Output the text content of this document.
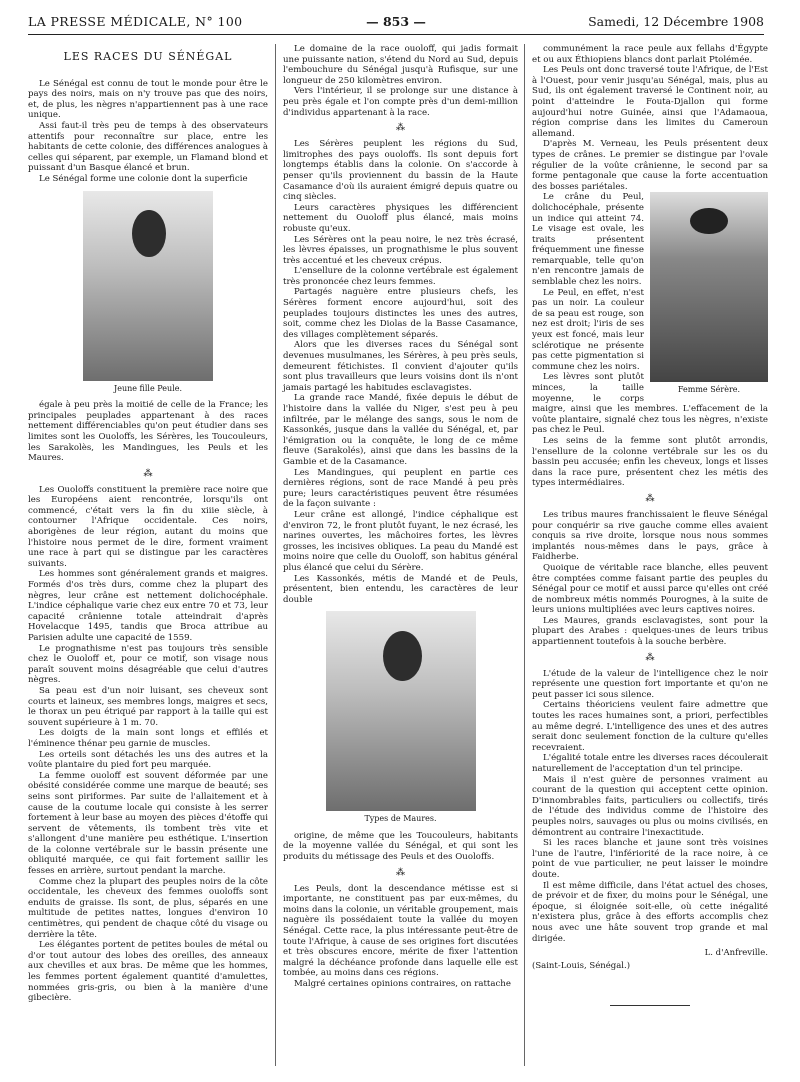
LA PRESSE MÉDICALE, N° 100	— 853 —	Samedi, 12 Décembre 1908
LES RACES DU SÉNÉGAL

Le Sénégal est connu de tout le monde pour être le pays des noirs, mais on n'y trouve pas que des noirs, et, de plus, les nègres n'appartiennent pas à une race unique.

Assi faut-il très peu de temps à des observateurs attentifs pour reconnaître sur place, entre les habitants de cette colonie, des différences analogues à celles qui séparent, par exemple, un Flamand blond et puissant d'un Basque élancé et brun.

Le Sénégal forme une colonie dont la superficie

Jeune fille Peule.

égale à peu près la moitié de celle de la France; les principales peuplades appartenant à des races nettement différenciables qu'on peut étudier dans ses limites sont les Ouoloffs, les Sérères, les Toucouleurs, les Sarakolès, les Mandingues, les Peuls et les Maures.

⁂

Les Ouoloffs constituent la première race noire que les Européens aient rencontrée, lorsqu'ils ont commencé, c'était vers la fin du xiiie siècle, à contourner l'Afrique occidentale. Ces noirs, aborigènes de leur région, autant du moins que l'histoire nous permet de le dire, forment vraiment une race à part qui se distingue par les caractères suivants.

Les hommes sont généralement grands et maigres. Formés d'os très durs, comme chez la plupart des nègres, leur crâne est nettement dolichocéphale. L'indice céphalique varie chez eux entre 70 et 73, leur capacité crânienne totale atteindrait d'après Hovelacque 1495, tandis que Broca attribue au Parisien adulte une capacité de 1559.

Le prognathisme n'est pas toujours très sensible chez le Ouoloff et, pour ce motif, son visage nous paraît souvent moins désagréable que celui d'autres nègres.

Sa peau est d'un noir luisant, ses cheveux sont courts et laineux, ses membres longs, maigres et secs, le thorax un peu étriqué par rapport à la taille qui est souvent supérieure à 1 m. 70.

Les doigts de la main sont longs et effilés et l'éminence thénar peu garnie de muscles.

Les orteils sont détachés les uns des autres et la voûte plantaire du pied fort peu marquée.

La femme ouoloff est souvent déformée par une obésité considérée comme une marque de beauté; ses seins sont piriformes. Par suite de l'allaitement et à cause de la coutume locale qui consiste à les serrer fortement à leur base au moyen des pièces d'étoffe qui servent de vêtements, ils tombent très vite et s'allongent d'une manière peu esthétique. L'insertion de la colonne vertébrale sur le bassin présente une obliquité marquée, ce qui fait fortement saillir les fesses en arrière, surtout pendant la marche.

Comme chez la plupart des peuples noirs de la côte occidentale, les cheveux des femmes ouoloffs sont enduits de graisse. Ils sont, de plus, séparés en une multitude de petites nattes, longues d'environ 10 centimètres, qui pendent de chaque côté du visage ou derrière la tête.

Les élégantes portent de petites boules de métal ou d'or tout autour des lobes des oreilles, des anneaux aux chevilles et aux bras. De même que les hommes, les femmes portent également quantité d'amulettes, nommées gris-gris, ou bien à la manière d'une gibecière.

Le domaine de la race ouoloff, qui jadis formait une puissante nation, s'étend du Nord au Sud, depuis l'embouchure du Sénégal jusqu'à Rufisque, sur une longueur de 250 kilomètres environ.

Vers l'intérieur, il se prolonge sur une distance à peu près égale et l'on compte près d'un demi-million d'individus appartenant à la race.

⁂

Les Sérères peuplent les régions du Sud, limitrophes des pays ouoloffs. Ils sont depuis fort longtemps établis dans la colonie. On s'accorde à penser qu'ils proviennent du bassin de la Haute Casamance d'où ils auraient émigré depuis quatre ou cinq siècles.

Leurs caractères physiques les différencient nettement du Ouoloff plus élancé, mais moins robuste qu'eux.

Les Sérères ont la peau noire, le nez très écrasé, les lèvres épaisses, un prognathisme le plus souvent très accentué et les cheveux crépus.

L'ensellure de la colonne vertébrale est également très prononcée chez leurs femmes.

Partagés naguère entre plusieurs chefs, les Sérères forment encore aujourd'hui, soit des peuplades toujours distinctes les unes des autres, soit, comme chez les Diolas de la Basse Casamance, des villages complètement séparés.

Alors que les diverses races du Sénégal sont devenues musulmanes, les Sérères, à peu près seuls, demeurent fétichistes. Il convient d'ajouter qu'ils sont plus travailleurs que leurs voisins dont ils n'ont jamais partagé les habitudes esclavagistes.

La grande race Mandé, fixée depuis le début de l'histoire dans la vallée du Niger, s'est peu à peu infiltrée, par le mélange des sangs, sous le nom de Kassonkés, jusque dans la vallée du Sénégal, et, par l'émigration ou la conquête, le long de ce même fleuve (Sarakolés), ainsi que dans les bassins de la Gambie et de la Casamance.

Les Mandingues, qui peuplent en partie ces dernières régions, sont de race Mandé à peu près pure; leurs caractéristiques peuvent être résumées de la façon suivante :

Leur crâne est allongé, l'indice céphalique est d'environ 72, le front plutôt fuyant, le nez écrasé, les narines ouvertes, les mâchoires fortes, les lèvres grosses, les incisives obliques. La peau du Mandé est moins noire que celle du Ouoloff, son habitus général plus élancé que celui du Sérère.

Les Kassonkés, métis de Mandé et de Peuls, présentent, bien entendu, les caractères de leur double

Types de Maures.

origine, de même que les Toucouleurs, habitants de la moyenne vallée du Sénégal, et qui sont les produits du métissage des Peuls et des Ouoloffs.

⁂

Les Peuls, dont la descendance métisse est si importante, ne constituent pas par eux-mêmes, du moins dans la colonie, un véritable groupement, mais naguère ils possédaient toute la vallée du moyen Sénégal. Cette race, la plus intéressante peut-être de toute l'Afrique, à cause de ses origines fort discutées et très obscures encore, mérite de fixer l'attention malgré la déchéance profonde dans laquelle elle est tombée, au moins dans ces régions.

Malgré certaines opinions contraires, on rattache

communément la race peule aux fellahs d'Égypte et ou aux Éthiopiens blancs dont parlait Ptolémée.

Les Peuls ont donc traversé toute l'Afrique, de l'Est à l'Ouest, pour venir jusqu'au Sénégal, mais, plus au Sud, ils ont également traversé le Continent noir, au point d'atteindre le Fouta-Djallon qui forme aujourd'hui notre Guinée, ainsi que l'Adamaoua, région comprise dans les limites du Cameroun allemand.

D'après M. Verneau, les Peuls présentent deux types de crânes. Le premier se distingue par l'ovale régulier de la voûte crânienne, le second par sa forme pentagonale que cause la forte accentuation des bosses pariétales.

Femme Sérère.

Le crâne du Peul, dolichocéphale, présente un indice qui atteint 74. Le visage est ovale, les traits présentent fréquemment une finesse remarquable, telle qu'on n'en rencontre jamais de semblable chez les noirs.

Le Peul, en effet, n'est pas un noir. La couleur de sa peau est rouge, son nez est droit; l'iris de ses yeux est foncé, mais leur sclérotique ne présente pas cette pigmentation si commune chez les noirs.

Les lèvres sont plutôt minces, la taille moyenne, le corps maigre, ainsi que les membres. L'effacement de la voûte plantaire, signalé chez tous les nègres, n'existe pas chez le Peul.

Les seins de la femme sont plutôt arrondis, l'ensellure de la colonne vertébrale sur les os du bassin peu accusée; enfin les cheveux, longs et lisses dans la race pure, présentent chez les métis des types intermédiaires.

⁂

Les tribus maures franchissaient le fleuve Sénégal pour conquérir sa rive gauche comme elles avaient conquis sa rive droite, lorsque nous nous sommes implantés nous-mêmes dans le pays, grâce à Faidherbe.

Quoique de véritable race blanche, elles peuvent être comptées comme faisant partie des peuples du Sénégal pour ce motif et aussi parce qu'elles ont créé de nombreux métis nommés Pourognes, à la suite de leurs unions multipliées avec leurs captives noires.

Les Maures, grands esclavagistes, sont pour la plupart des Arabes : quelques-unes de leurs tribus appartiennent toutefois à la souche berbère.

⁂

L'étude de la valeur de l'intelligence chez le noir représente une question fort importante et qu'on ne peut passer ici sous silence.

Certains théoriciens veulent faire admettre que toutes les races humaines sont, a priori, perfectibles au même degré. L'intelligence des unes et des autres serait donc seulement fonction de la culture qu'elles recevraient.

L'égalité totale entre les diverses races découlerait naturellement de l'acceptation d'un tel principe.

Mais il n'est guère de personnes vraiment au courant de la question qui acceptent cette opinion. D'innombrables faits, particuliers ou collectifs, tirés de l'étude des individus comme de l'histoire des peuples noirs, sauvages ou plus ou moins civilisés, en démontrent au contraire l'inexactitude.

Si les races blanche et jaune sont très voisines l'une de l'autre, l'infériorité de la race noire, à ce point de vue particulier, ne peut laisser le moindre doute.

Il est même difficile, dans l'état actuel des choses, de prévoir et de fixer, du moins pour le Sénégal, une époque, si éloignée soit-elle, où cette inégalité n'existera plus, grâce à des efforts accomplis chez nous avec une hâte souvent trop grande et mal dirigée.

L. d'Anfreville.
(Saint-Louis, Sénégal.)
